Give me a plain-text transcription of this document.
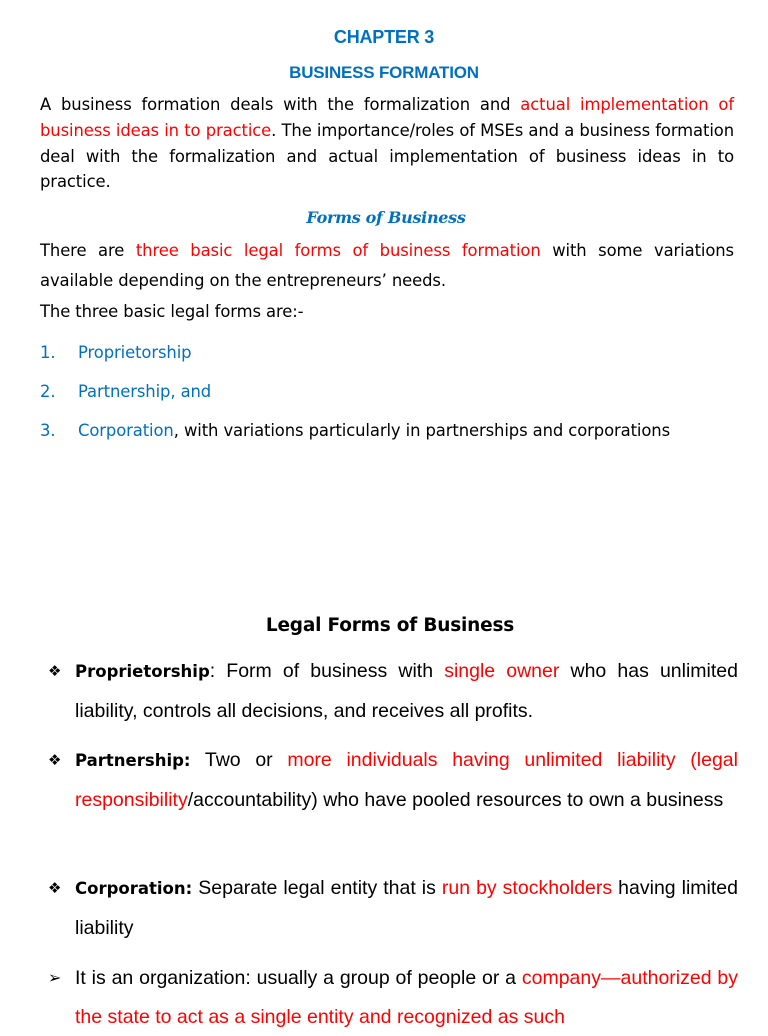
CHAPTER 3
BUSINESS FORMATION
A business formation deals with the formalization and actual implementation of business ideas in to practice. The importance/roles of MSEs and a business formation deal with the formalization and actual implementation of business ideas in to practice.
Forms of Business
There are three basic legal forms of business formation with some variations available depending on the entrepreneurs’ needs.
The three basic legal forms are:-
1. Proprietorship
2. Partnership, and
3. Corporation, with variations particularly in partnerships and corporations
Legal Forms of Business
❖ Proprietorship: Form of business with single owner who has unlimited liability, controls all decisions, and receives all profits.
❖ Partnership: Two or more individuals having unlimited liability (legal responsibility/accountability) who have pooled resources to own a business
❖ Corporation: Separate legal entity that is run by stockholders having limited liability
➢ It is an organization: usually a group of people or a company—authorized by the state to act as a single entity and recognized as such
